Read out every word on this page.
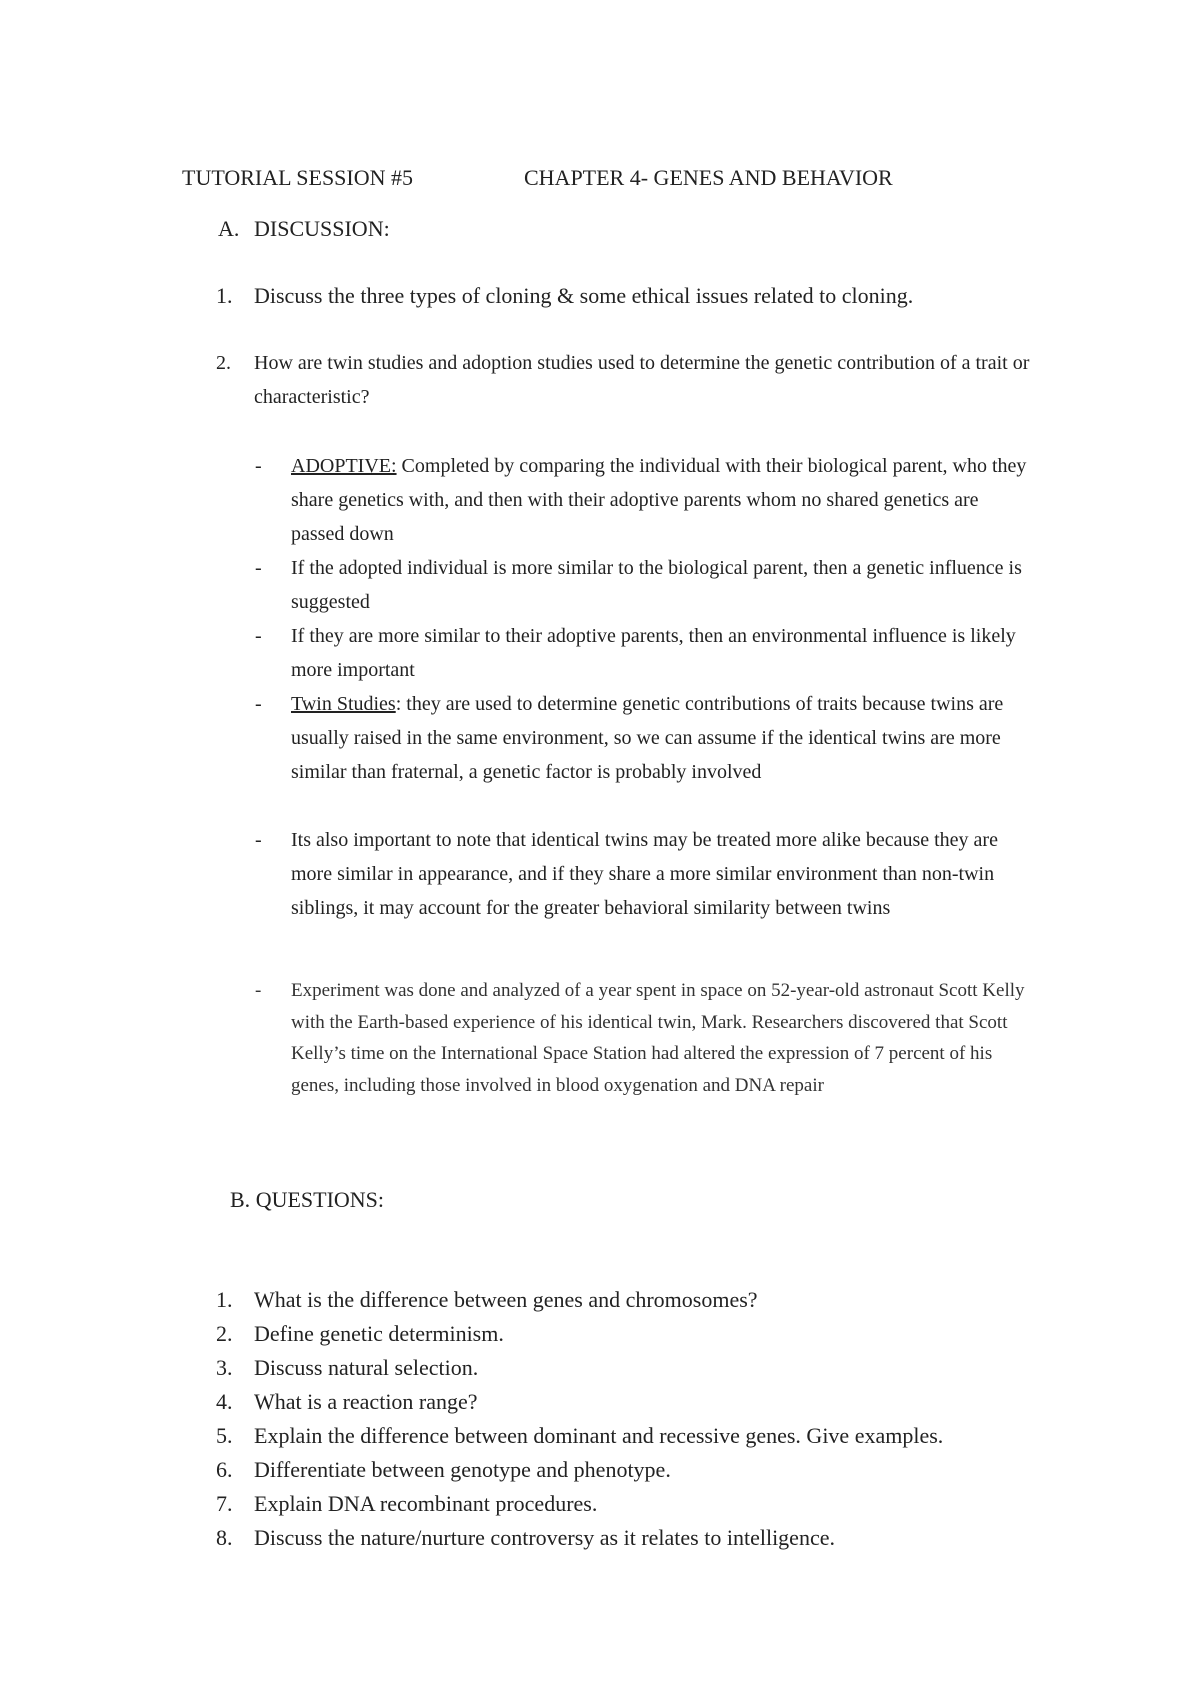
TUTORIAL SESSION #5	CHAPTER 4- GENES AND BEHAVIOR
A. DISCUSSION:
1. Discuss the three types of cloning & some ethical issues related to cloning.
2.	How are twin studies and adoption studies used to determine the genetic contribution of a trait or characteristic?
- ADOPTIVE: Completed by comparing the individual with their biological parent, who they share genetics with, and then with their adoptive parents whom no shared genetics are passed down
- If the adopted individual is more similar to the biological parent, then a genetic influence is suggested
- If they are more similar to their adoptive parents, then an environmental influence is likely more important
- Twin Studies: they are used to determine genetic contributions of traits because twins are usually raised in the same environment, so we can assume if the identical twins are more similar than fraternal, a genetic factor is probably involved
- Its also important to note that identical twins may be treated more alike because they are more similar in appearance, and if they share a more similar environment than non-twin siblings, it may account for the greater behavioral similarity between twins
- Experiment was done and analyzed of a year spent in space on 52-year-old astronaut Scott Kelly with the Earth-based experience of his identical twin, Mark. Researchers discovered that Scott Kelly’s time on the International Space Station had altered the expression of 7 percent of his genes, including those involved in blood oxygenation and DNA repair
B. QUESTIONS:
1. What is the difference between genes and chromosomes?
2. Define genetic determinism.
3. Discuss natural selection.
4. What is a reaction range?
5. Explain the difference between dominant and recessive genes. Give examples.
6. Differentiate between genotype and phenotype.
7. Explain DNA recombinant procedures.
8. Discuss the nature/nurture controversy as it relates to intelligence.
